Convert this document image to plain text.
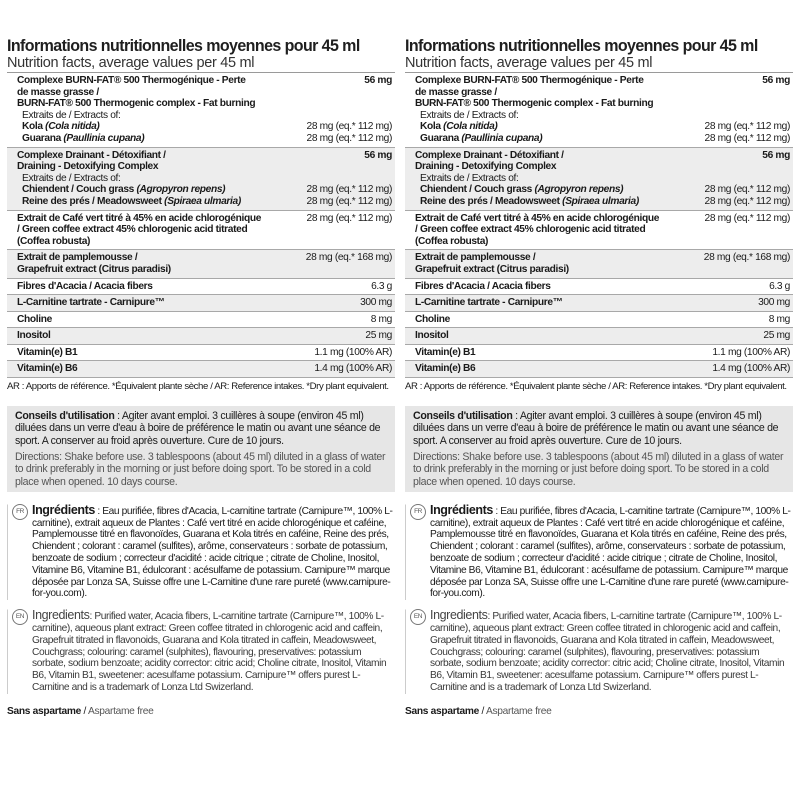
Informations nutritionnelles moyennes pour 45 ml
Nutrition facts, average values per 45 ml
Complexe BURN-FAT® 500 Thermogénique - Perte
de masse grasse /
BURN-FAT® 500 Thermogenic complex - Fat burning
56 mg
Extraits de / Extracts of:
Kola (Cola nitida)	28 mg (eq.* 112 mg)
Guarana (Paullinia cupana)	28 mg (eq.* 112 mg)
Complexe Drainant - Détoxifiant /
Draining - Detoxifying Complex
56 mg
Extraits de / Extracts of:
Chiendent / Couch grass (Agropyron repens)	28 mg (eq.* 112 mg)
Reine des prés / Meadowsweet (Spiraea ulmaria)	28 mg (eq.* 112 mg)
Extrait de Café vert titré à 45% en acide chlorogénique
/ Green coffee extract 45% chlorogenic acid titrated
(Coffea robusta)
28 mg (eq.* 112 mg)
Extrait de pamplemousse /
Grapefruit extract (Citrus paradisi)
28 mg (eq.* 168 mg)
Fibres d'Acacia / Acacia fibers	6.3 g
L-Carnitine tartrate - Carnipure™	300 mg
Choline	8 mg
Inositol	25 mg
Vitamin(e) B1	1.1 mg (100% AR)
Vitamin(e) B6	1.4 mg (100% AR)
AR : Apports de référence. *Équivalent plante sèche / AR: Reference intakes. *Dry plant equivalent.
Conseils d'utilisation : Agiter avant emploi. 3 cuillères à soupe (environ 45 ml) diluées dans un verre d'eau à boire de préférence le matin ou avant une séance de sport. A conserver au froid après ouverture. Cure de 10 jours.
Directions: Shake before use. 3 tablespoons (about 45 ml) diluted in a glass of water to drink preferably in the morning or just before doing sport. To be stored in a cold place when opened. 10 days course.
FR Ingrédients : Eau purifiée, fibres d'Acacia, L-carnitine tartrate (Carnipure™, 100% L-carnitine), extrait aqueux de Plantes : Café vert titré en acide chlorogénique et caféine, Pamplemousse titré en flavonoïdes, Guarana et Kola titrés en caféine, Reine des prés, Chiendent ; colorant : caramel (sulfites), arôme, conservateurs : sorbate de potassium, benzoate de sodium ; correcteur d'acidité : acide citrique ; citrate de Choline, Inositol, Vitamine B6, Vitamine B1, édulcorant : acésulfame de potassium. Carnipure™ marque déposée par Lonza SA, Suisse offre une L-Carnitine d'une rare pureté (www.carnipure-for-you.com).
EN Ingredients: Purified water, Acacia fibers, L-carnitine tartrate (Carnipure™, 100% L-carnitine), aqueous plant extract: Green coffee titrated in chlorogenic acid and caffein, Grapefruit titrated in flavonoids, Guarana and Kola titrated in caffein, Meadowsweet, Couchgrass; colouring: caramel (sulphites), flavouring, preservatives: potassium sorbate, sodium benzoate; acidity corrector: citric acid; Choline citrate, Inositol, Vitamin B6, Vitamin B1, sweetener: acesulfame potassium. Carnipure™ offers purest L-Carnitine and is a trademark of Lonza Ltd Swizerland.
Sans aspartame / Aspartame free
Informations nutritionnelles moyennes pour 45 ml
Nutrition facts, average values per 45 ml
Complexe BURN-FAT® 500 Thermogénique - Perte
de masse grasse /
BURN-FAT® 500 Thermogenic complex - Fat burning
56 mg
Extraits de / Extracts of:
Kola (Cola nitida)	28 mg (eq.* 112 mg)
Guarana (Paullinia cupana)	28 mg (eq.* 112 mg)
Complexe Drainant - Détoxifiant /
Draining - Detoxifying Complex
56 mg
Extraits de / Extracts of:
Chiendent / Couch grass (Agropyron repens)	28 mg (eq.* 112 mg)
Reine des prés / Meadowsweet (Spiraea ulmaria)	28 mg (eq.* 112 mg)
Extrait de Café vert titré à 45% en acide chlorogénique
/ Green coffee extract 45% chlorogenic acid titrated
(Coffea robusta)
28 mg (eq.* 112 mg)
Extrait de pamplemousse /
Grapefruit extract (Citrus paradisi)
28 mg (eq.* 168 mg)
Fibres d'Acacia / Acacia fibers	6.3 g
L-Carnitine tartrate - Carnipure™	300 mg
Choline	8 mg
Inositol	25 mg
Vitamin(e) B1	1.1 mg (100% AR)
Vitamin(e) B6	1.4 mg (100% AR)
AR : Apports de référence. *Équivalent plante sèche / AR: Reference intakes. *Dry plant equivalent.
Conseils d'utilisation : Agiter avant emploi. 3 cuillères à soupe (environ 45 ml) diluées dans un verre d'eau à boire de préférence le matin ou avant une séance de sport. A conserver au froid après ouverture. Cure de 10 jours.
Directions: Shake before use. 3 tablespoons (about 45 ml) diluted in a glass of water to drink preferably in the morning or just before doing sport. To be stored in a cold place when opened. 10 days course.
FR Ingrédients : Eau purifiée, fibres d'Acacia, L-carnitine tartrate (Carnipure™, 100% L-carnitine), extrait aqueux de Plantes : Café vert titré en acide chlorogénique et caféine, Pamplemousse titré en flavonoïdes, Guarana et Kola titrés en caféine, Reine des prés, Chiendent ; colorant : caramel (sulfites), arôme, conservateurs : sorbate de potassium, benzoate de sodium ; correcteur d'acidité : acide citrique ; citrate de Choline, Inositol, Vitamine B6, Vitamine B1, édulcorant : acésulfame de potassium. Carnipure™ marque déposée par Lonza SA, Suisse offre une L-Carnitine d'une rare pureté (www.carnipure-for-you.com).
EN Ingredients: Purified water, Acacia fibers, L-carnitine tartrate (Carnipure™, 100% L-carnitine), aqueous plant extract: Green coffee titrated in chlorogenic acid and caffein, Grapefruit titrated in flavonoids, Guarana and Kola titrated in caffein, Meadowsweet, Couchgrass; colouring: caramel (sulphites), flavouring, preservatives: potassium sorbate, sodium benzoate; acidity corrector: citric acid; Choline citrate, Inositol, Vitamin B6, Vitamin B1, sweetener: acesulfame potassium. Carnipure™ offers purest L-Carnitine and is a trademark of Lonza Ltd Swizerland.
Sans aspartame / Aspartame free
